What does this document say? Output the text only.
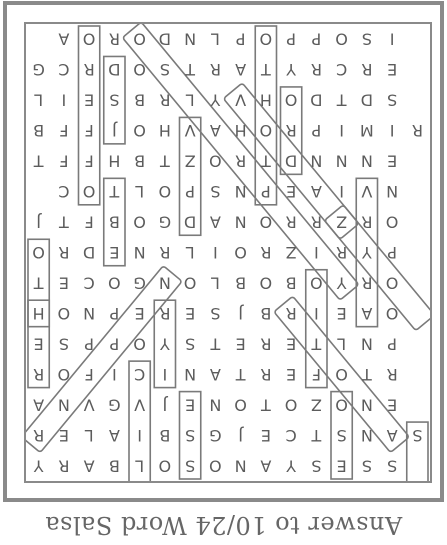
A O R O D N L P O P P O S I
G C R D O S T R A T Y R C R E
L I E S B R L Y V H O D T D S
B F F J O H V A H O R P I M I R
T F F H B T Z O R T D N N N E
C O T L O P S N P E A I V N
J T F B O G D A N O R R Z R O
O R D E N R L I O R Z I R Y P
T E C O G N O L B O B O Y R O
H O N P E R E S J B R I E A O
E S P P O Y S T E R E T L N P
R O F I C I N A T R E F O T R
A N V G V J E N O T O Z O N E
R E L A I B S G J E C T S N A S
Y R A B L O S O N A Y S E S S
Answer to 10/24 Word Salsa
